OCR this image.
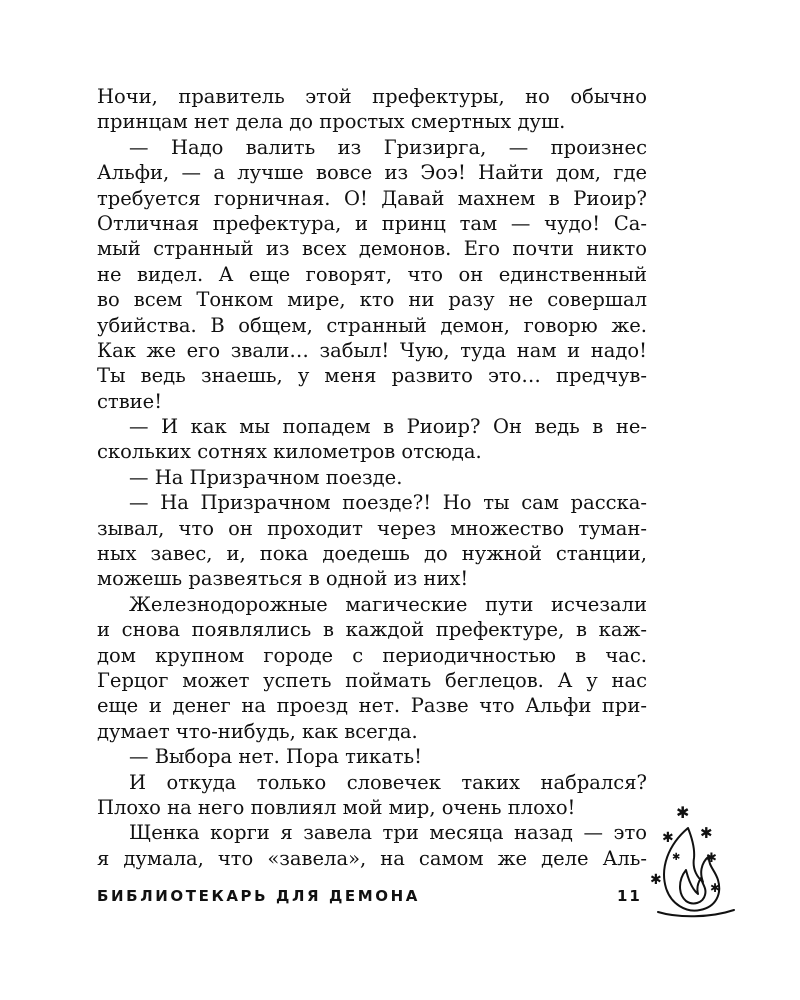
Ночи, правитель этой префектуры, но обычно
принцам нет дела до простых смертных душ.
— Надо валить из Гризирга, — произнес
Альфи, — а лучше вовсе из Эоэ! Найти дом, где
требуется горничная. О! Давай махнем в Риоир?
Отличная префектура, и принц там — чудо! Са-
мый странный из всех демонов. Его почти никто
не видел. А еще говорят, что он единственный
во всем Тонком мире, кто ни разу не совершал
убийства. В общем, странный демон, говорю же.
Как же его звали… забыл! Чую, туда нам и надо!
Ты ведь знаешь, у меня развито это… предчув-
ствие!
— И как мы попадем в Риоир? Он ведь в не-
скольких сотнях километров отсюда.
— На Призрачном поезде.
— На Призрачном поезде?! Но ты сам расска-
зывал, что он проходит через множество туман-
ных завес, и, пока доедешь до нужной станции,
можешь развеяться в одной из них!
Железнодорожные магические пути исчезали
и снова появлялись в каждой префектуре, в каж-
дом крупном городе с периодичностью в час.
Герцог может успеть поймать беглецов. А у нас
еще и денег на проезд нет. Разве что Альфи при-
думает что-нибудь, как всегда.
— Выбора нет. Пора тикать!
И откуда только словечек таких набрался?
Плохо на него повлиял мой мир, очень плохо!
Щенка корги я завела три месяца назад — это
я думала, что «завела», на самом же деле Аль-
БИБЛИОТЕКАРЬ ДЛЯ ДЕМОНА	11
✱
✱ ✱
✱
✱	✱
✱
